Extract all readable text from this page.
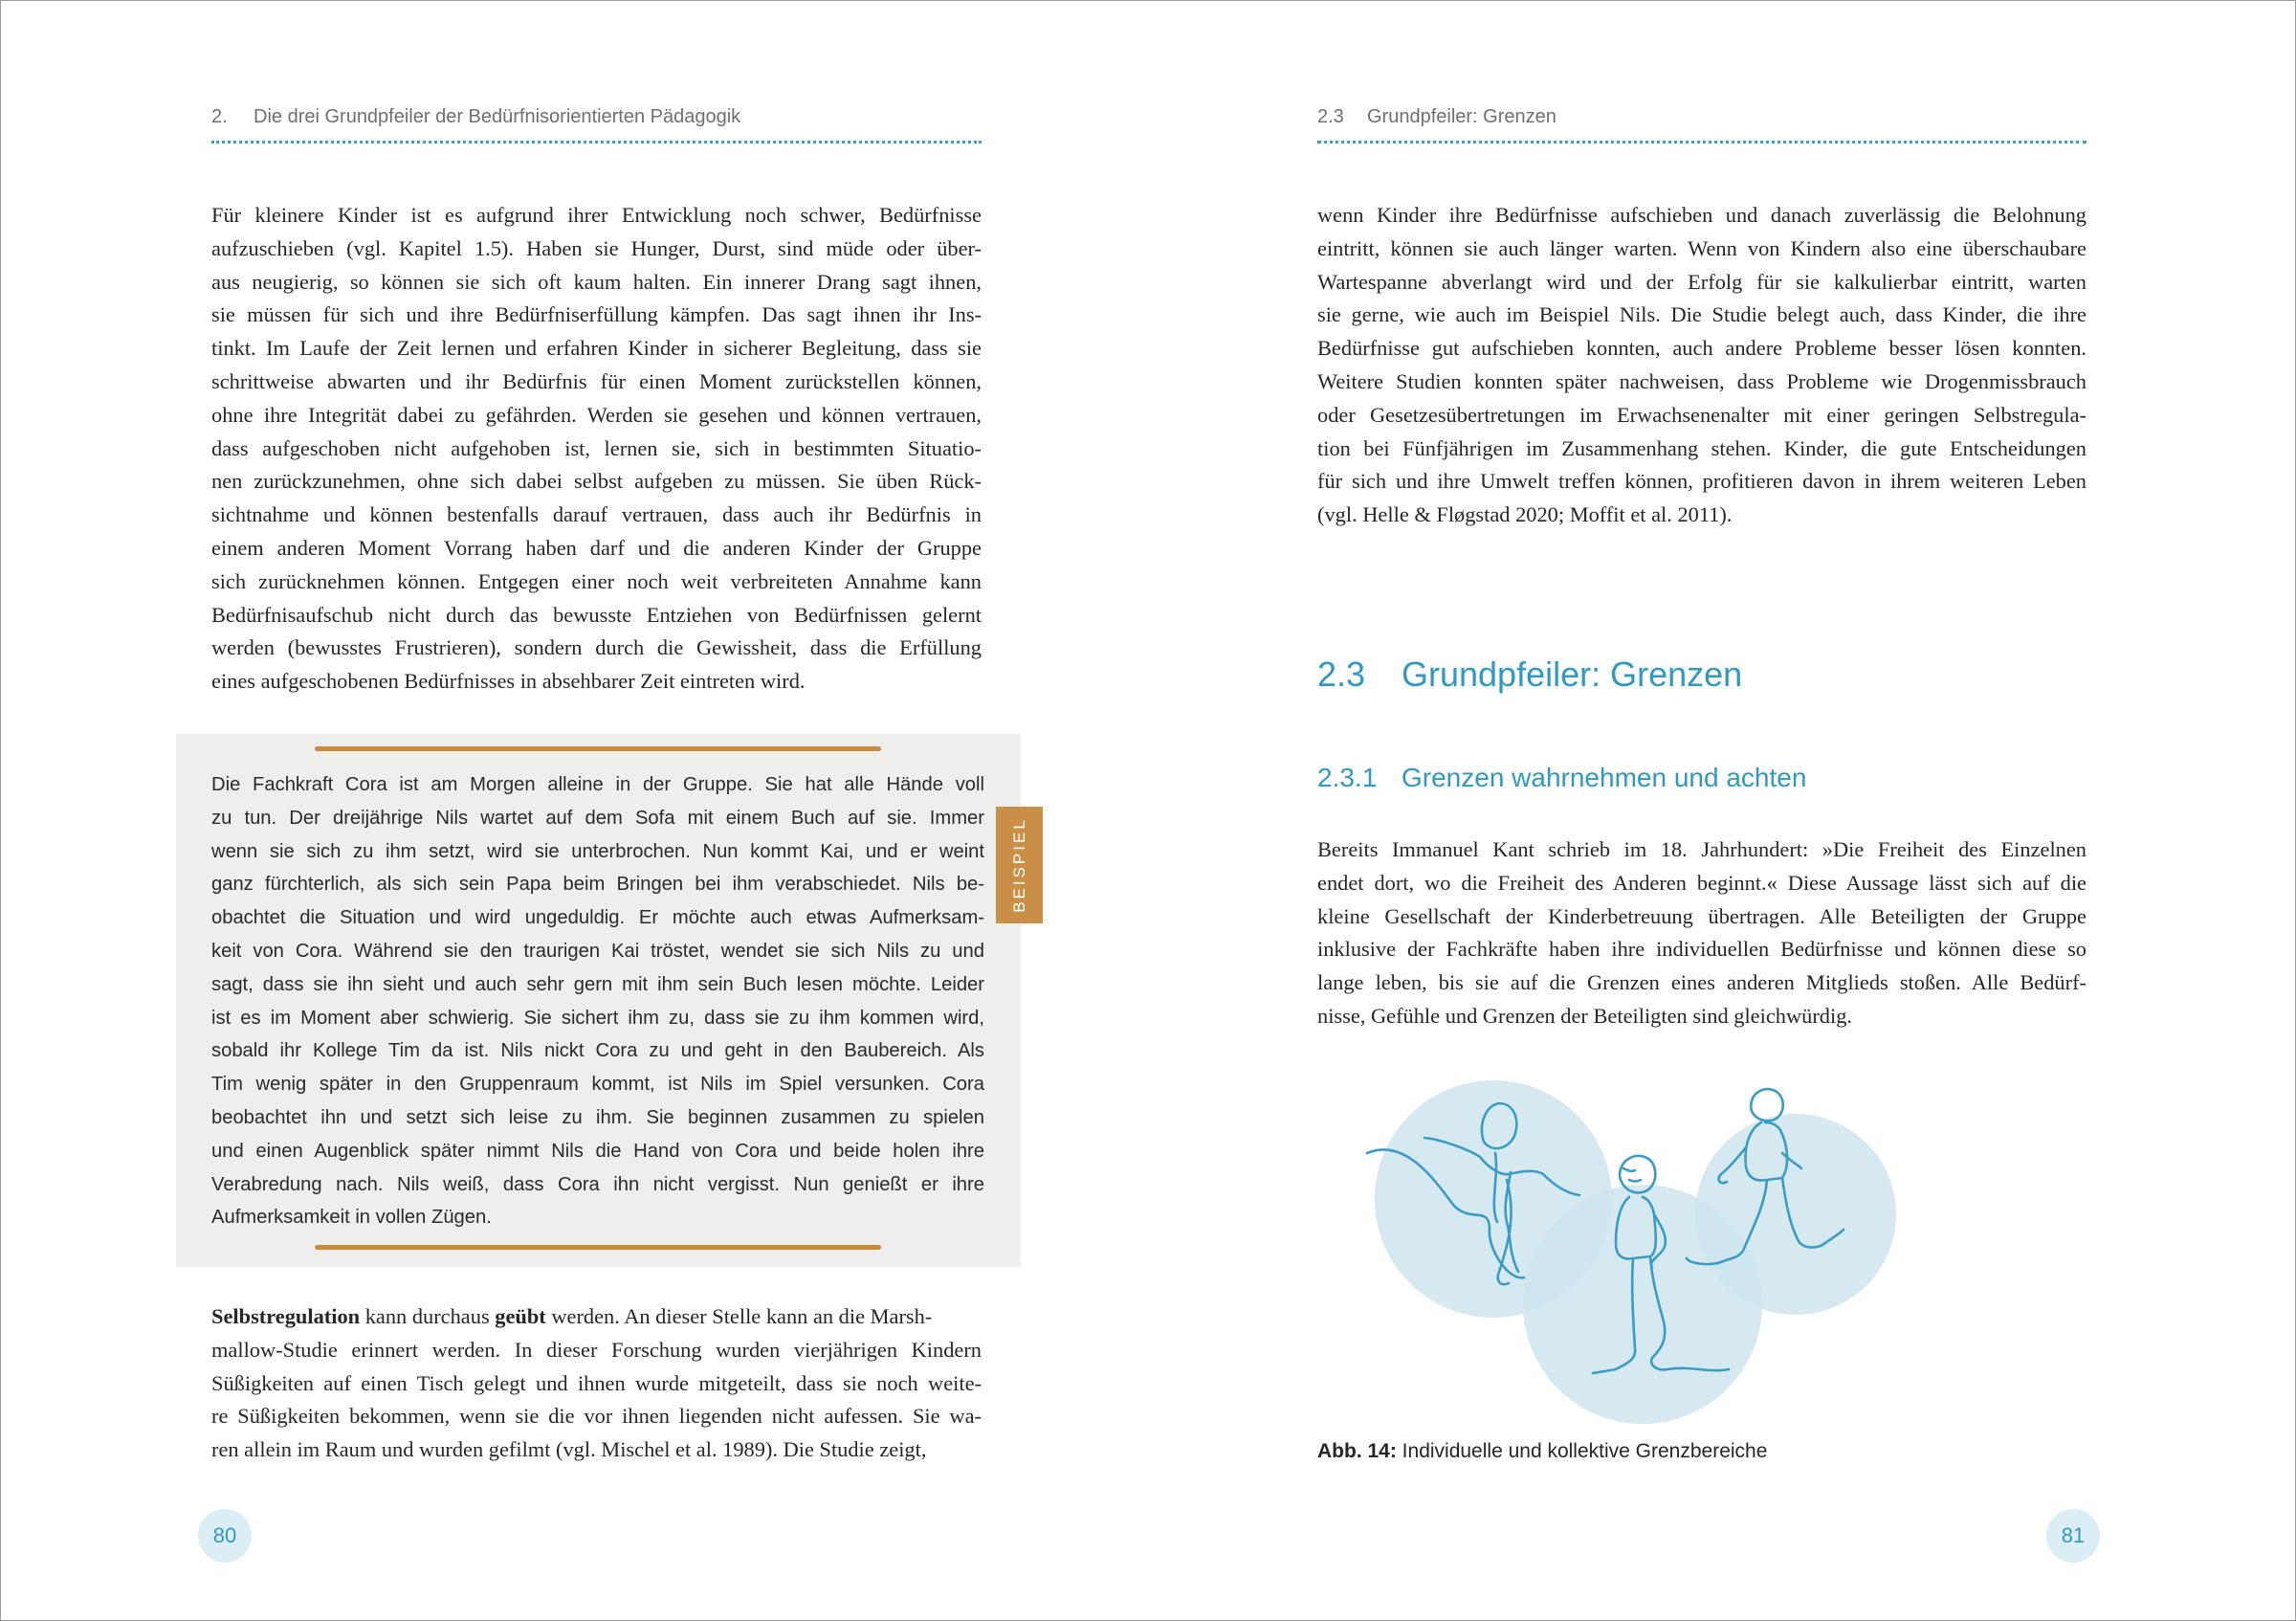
2. Die drei Grundpfeiler der Bedürfnisorientierten Pädagogik
Für kleinere Kinder ist es aufgrund ihrer Entwicklung noch schwer, Bedürfnisse
aufzuschieben (vgl. Kapitel 1.5). Haben sie Hunger, Durst, sind müde oder über-
aus neugierig, so können sie sich oft kaum halten. Ein innerer Drang sagt ihnen,
sie müssen für sich und ihre Bedürfniserfüllung kämpfen. Das sagt ihnen ihr Ins-
tinkt. Im Laufe der Zeit lernen und erfahren Kinder in sicherer Begleitung, dass sie
schrittweise abwarten und ihr Bedürfnis für einen Moment zurückstellen können,
ohne ihre Integrität dabei zu gefährden. Werden sie gesehen und können vertrauen,
dass aufgeschoben nicht aufgehoben ist, lernen sie, sich in bestimmten Situatio-
nen zurückzunehmen, ohne sich dabei selbst aufgeben zu müssen. Sie üben Rück-
sichtnahme und können bestenfalls darauf vertrauen, dass auch ihr Bedürfnis in
einem anderen Moment Vorrang haben darf und die anderen Kinder der Gruppe
sich zurücknehmen können. Entgegen einer noch weit verbreiteten Annahme kann
Bedürfnisaufschub nicht durch das bewusste Entziehen von Bedürfnissen gelernt
werden (bewusstes Frustrieren), sondern durch die Gewissheit, dass die Erfüllung
eines aufgeschobenen Bedürfnisses in absehbarer Zeit eintreten wird.
Die Fachkraft Cora ist am Morgen alleine in der Gruppe. Sie hat alle Hände voll
zu tun. Der dreijährige Nils wartet auf dem Sofa mit einem Buch auf sie. Immer
wenn sie sich zu ihm setzt, wird sie unterbrochen. Nun kommt Kai, und er weint
ganz fürchterlich, als sich sein Papa beim Bringen bei ihm verabschiedet. Nils be-
obachtet die Situation und wird ungeduldig. Er möchte auch etwas Aufmerksam-
keit von Cora. Während sie den traurigen Kai tröstet, wendet sie sich Nils zu und
sagt, dass sie ihn sieht und auch sehr gern mit ihm sein Buch lesen möchte. Leider
ist es im Moment aber schwierig. Sie sichert ihm zu, dass sie zu ihm kommen wird,
sobald ihr Kollege Tim da ist. Nils nickt Cora zu und geht in den Baubereich. Als
Tim wenig später in den Gruppenraum kommt, ist Nils im Spiel versunken. Cora
beobachtet ihn und setzt sich leise zu ihm. Sie beginnen zusammen zu spielen
und einen Augenblick später nimmt Nils die Hand von Cora und beide holen ihre
Verabredung nach. Nils weiß, dass Cora ihn nicht vergisst. Nun genießt er ihre
Aufmerksamkeit in vollen Zügen.
BEISPIEL

Selbstregulation kann durchaus geübt werden. An dieser Stelle kann an die Marsh-

mallow-Studie erinnert werden. In dieser Forschung wurden vierjährigen Kindern
Süßigkeiten auf einen Tisch gelegt und ihnen wurde mitgeteilt, dass sie noch weite-
re Süßigkeiten bekommen, wenn sie die vor ihnen liegenden nicht aufessen. Sie wa-
ren allein im Raum und wurden gefilmt (vgl. Mischel et al. 1989). Die Studie zeigt,
80
2.3 Grundpfeiler: Grenzen
wenn Kinder ihre Bedürfnisse aufschieben und danach zuverlässig die Belohnung
eintritt, können sie auch länger warten. Wenn von Kindern also eine überschaubare
Wartespanne abverlangt wird und der Erfolg für sie kalkulierbar eintritt, warten
sie gerne, wie auch im Beispiel Nils. Die Studie belegt auch, dass Kinder, die ihre
Bedürfnisse gut aufschieben konnten, auch andere Probleme besser lösen konnten.
Weitere Studien konnten später nachweisen, dass Probleme wie Drogenmissbrauch
oder Gesetzesübertretungen im Erwachsenenalter mit einer geringen Selbstregula-
tion bei Fünfjährigen im Zusammenhang stehen. Kinder, die gute Entscheidungen
für sich und ihre Umwelt treffen können, profitieren davon in ihrem weiteren Leben
(vgl. Helle & Fløgstad 2020; Moffit et al. 2011).
2.3 Grundpfeiler: Grenzen
2.3.1 Grenzen wahrnehmen und achten
Bereits Immanuel Kant schrieb im 18. Jahrhundert: »Die Freiheit des Einzelnen
endet dort, wo die Freiheit des Anderen beginnt.« Diese Aussage lässt sich auf die
kleine Gesellschaft der Kinderbetreuung übertragen. Alle Beteiligten der Gruppe
inklusive der Fachkräfte haben ihre individuellen Bedürfnisse und können diese so
lange leben, bis sie auf die Grenzen eines anderen Mitglieds stoßen. Alle Bedürf-
nisse, Gefühle und Grenzen der Beteiligten sind gleichwürdig.
Abb. 14: Individuelle und kollektive Grenzbereiche
81
